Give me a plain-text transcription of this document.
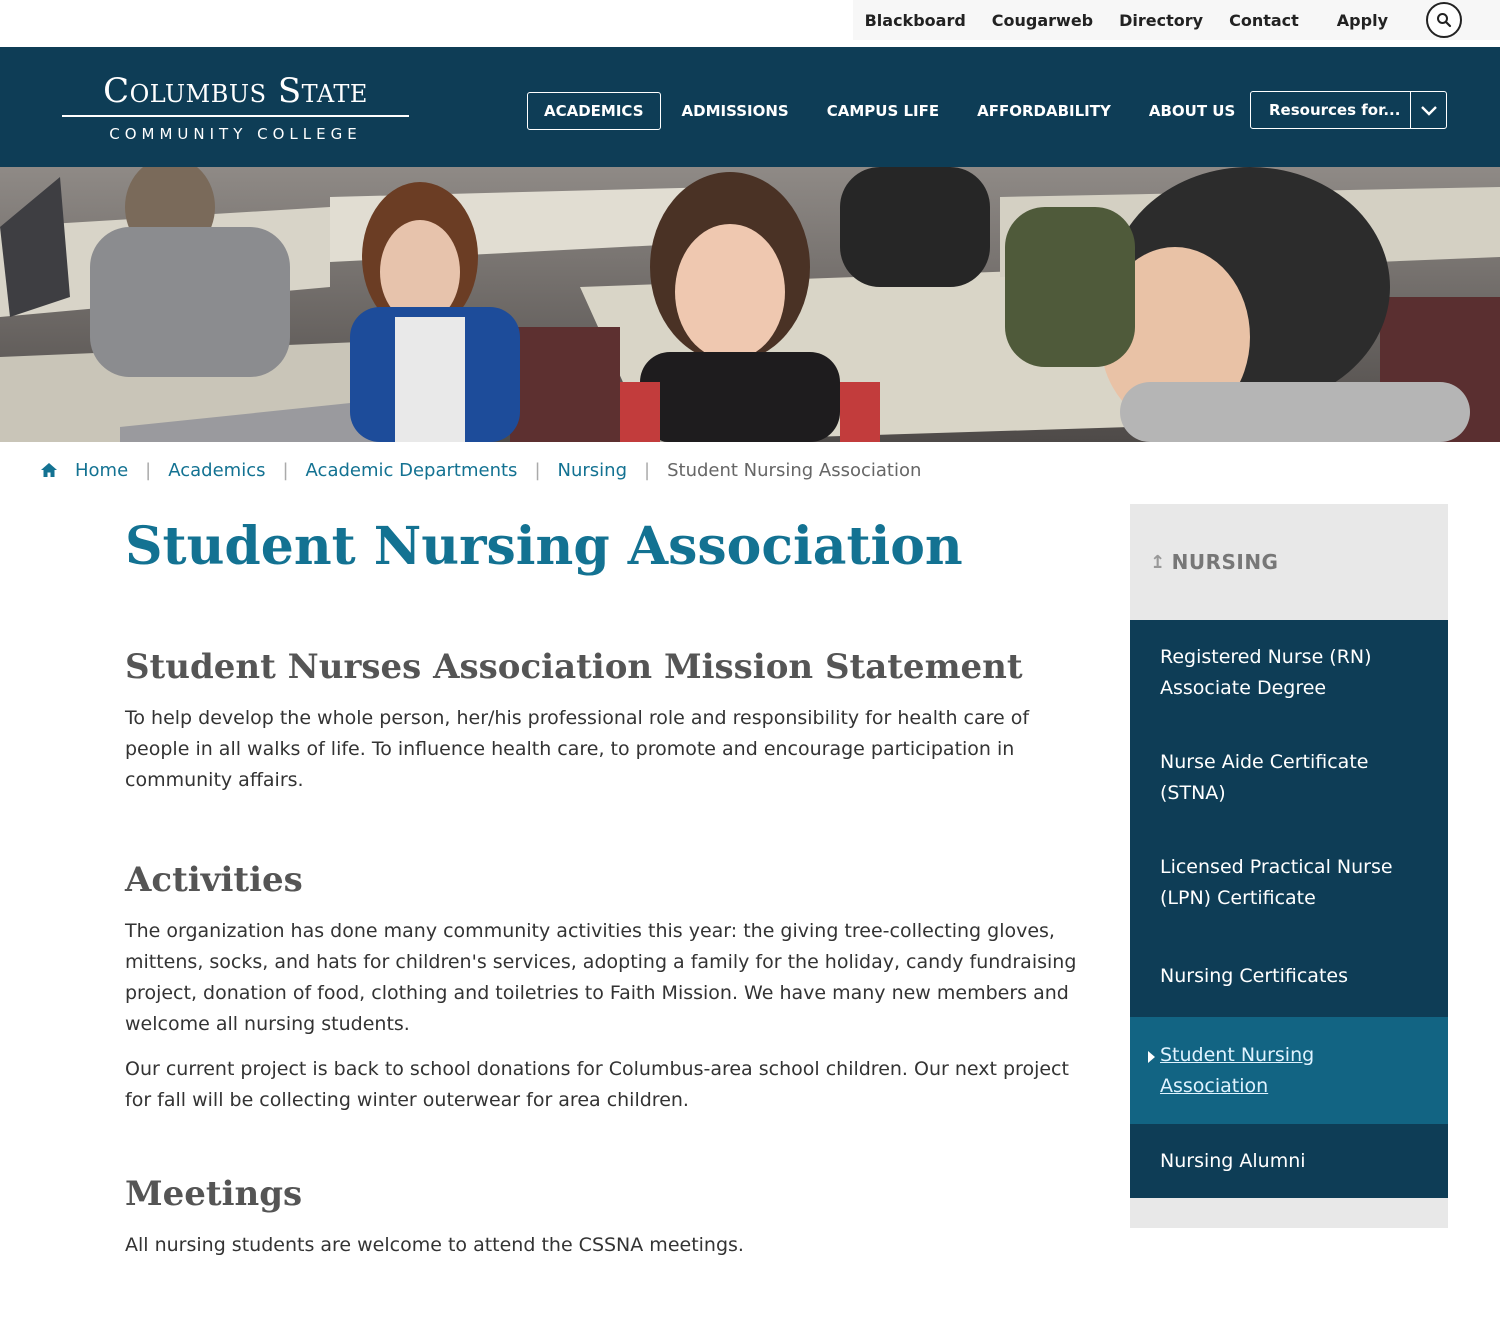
Blackboard Cougarweb Directory Contact Apply
Columbus State
COMMUNITY COLLEGE
ACADEMICS	ADMISSIONS	CAMPUS LIFE	AFFORDABILITY	ABOUT US	Resources for...
Home | Academics | Academic Departments | Nursing | Student Nursing Association
Student Nursing Association
Student Nurses Association Mission Statement

To help develop the whole person, her/his professional role and responsibility for health care of people in all walks of life. To influence health care, to promote and encourage participation in community affairs.

Activities

The organization has done many community activities this year: the giving tree-collecting gloves, mittens, socks, and hats for children's services, adopting a family for the holiday, candy fundraising project, donation of food, clothing and toiletries to Faith Mission. We have many new members and welcome all nursing students.

Our current project is back to school donations for Columbus-area school children. Our next project for fall will be collecting winter outerwear for area children.

Meetings

All nursing students are welcome to attend the CSSNA meetings.

↥ NURSING
Registered Nurse (RN) Associate Degree
Nurse Aide Certificate (STNA)
Licensed Practical Nurse (LPN) Certificate
Nursing Certificates
Student Nursing Association
Nursing Alumni
